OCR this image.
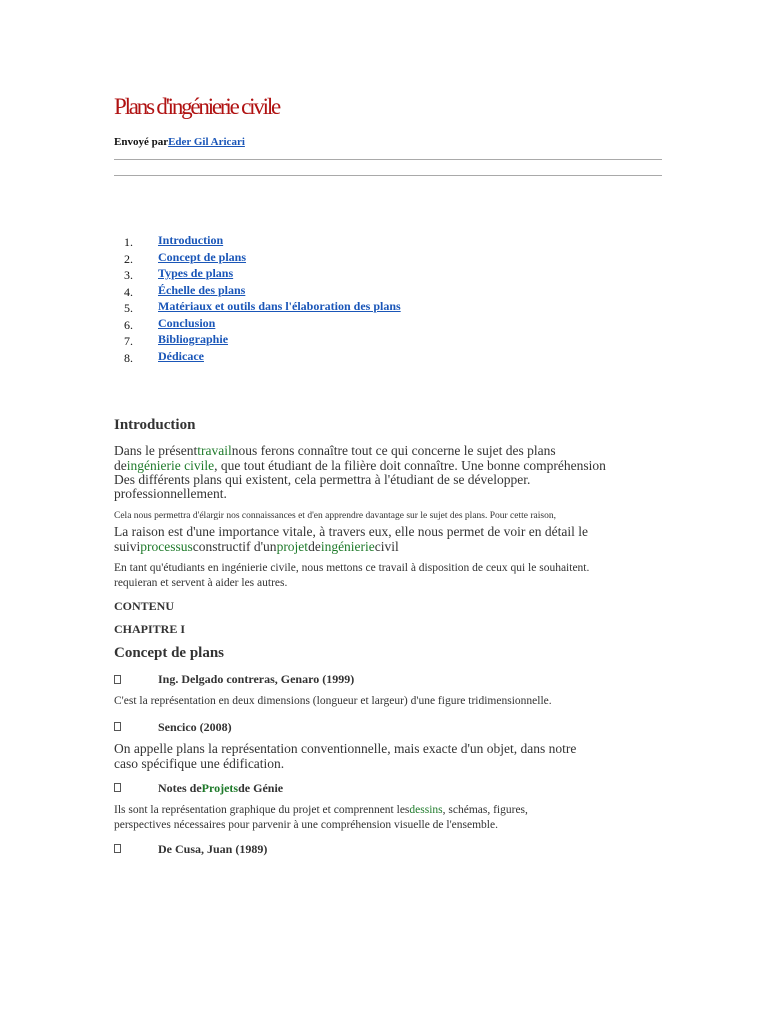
Plans d'ingénierie civile
Envoyé parEder Gil Aricari
1. Introduction
2. Concept de plans
3. Types de plans
4. Échelle des plans
5. Matériaux et outils dans l'élaboration des plans
6. Conclusion
7. Bibliographie
8. Dédicace
Introduction
Dans le présenttravailnous ferons connaître tout ce qui concerne le sujet des plans
deingénierie civile, que tout étudiant de la filière doit connaître. Une bonne compréhension
Des différents plans qui existent, cela permettra à l'étudiant de se développer.
professionnellement.
Cela nous permettra d'élargir nos connaissances et d'en apprendre davantage sur le sujet des plans. Pour cette raison,
La raison est d'une importance vitale, à travers eux, elle nous permet de voir en détail le
suiviprocessusconstructif d'unprojetdeingénieriecivil
En tant qu'étudiants en ingénierie civile, nous mettons ce travail à disposition de ceux qui le souhaitent.
requieran et servent à aider les autres.
CONTENU
CHAPITRE I
Concept de plans
Ing. Delgado contreras, Genaro (1999)
C'est la représentation en deux dimensions (longueur et largeur) d'une figure tridimensionnelle.
Sencico (2008)
On appelle plans la représentation conventionnelle, mais exacte d'un objet, dans notre
caso spécifique une édification.
Notes deProjetsde Génie
Ils sont la représentation graphique du projet et comprennent lesdessins, schémas, figures,
perspectives nécessaires pour parvenir à une compréhension visuelle de l'ensemble.
De Cusa, Juan (1989)
